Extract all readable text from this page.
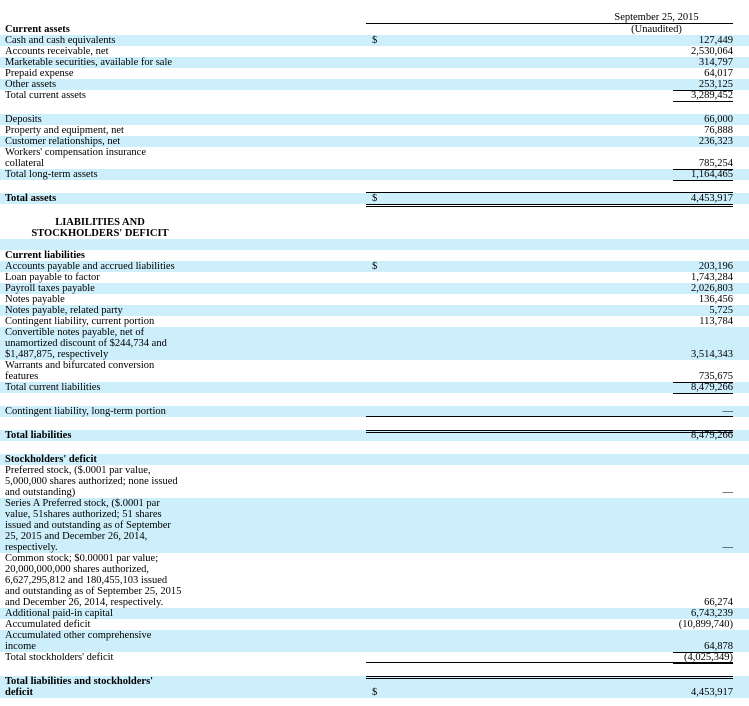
September 25, 2015
(Unaudited)
Current assets
Cash and cash equivalents	$	127,449
Accounts receivable, net	2,530,064
Marketable securities, available for sale	314,797
Prepaid expense	64,017
Other assets	253,125
Total current assets	3,289,452
Deposits	66,000
Property and equipment, net	76,888
Customer relationships, net	236,323
Workers' compensation insurance
collateral	785,254
Total long-term assets	1,164,465
Total assets	$	4,453,917
LIABILITIES AND
STOCKHOLDERS' DEFICIT
Current liabilities
Accounts payable and accrued liabilities	$	203,196
Loan payable to factor	1,743,284
Payroll taxes payable	2,026,803
Notes payable	136,456
Notes payable, related party	5,725
Contingent liability, current portion	113,784
Convertible notes payable, net of
unamortized discount of $244,734 and
$1,487,875, respectively	3,514,343
Warrants and bifurcated conversion
features	735,675
Total current liabilities	8,479,266
Contingent liability, long-term portion	—
Total liabilities	8,479,266
Stockholders' deficit
Preferred stock, ($.0001 par value,
5,000,000 shares authorized; none issued
and outstanding)	—
Series A Preferred stock, ($.0001 par
value, 51shares authorized; 51 shares
issued and outstanding as of September
25, 2015 and December 26, 2014,
respectively.	—
Common stock; $0.00001 par value;
20,000,000,000 shares authorized,
6,627,295,812 and 180,455,103 issued
and outstanding as of September 25, 2015
and December 26, 2014, respectively.	66,274
Additional paid-in capital	6,743,239
Accumulated deficit	(10,899,740)
Accumulated other comprehensive
income	64,878
Total stockholders' deficit	(4,025,349)
Total liabilities and stockholders'
deficit	$	4,453,917
